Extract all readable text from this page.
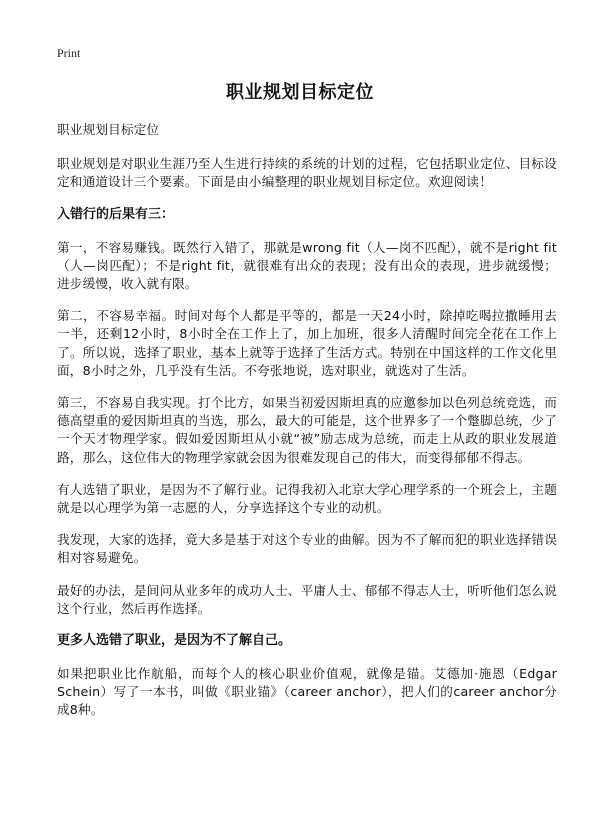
Print
职业规划目标定位

职业规划目标定位

职业规划是对职业生涯乃至人生进行持续的系统的计划的过程，它包括职业定位、目标设定和通道设计三个要素。下面是由小编整理的职业规划目标定位。欢迎阅读！

入错行的后果有三：

第一，不容易赚钱。既然行入错了，那就是wrong fit（人—岗不匹配），就不是right fit（人—岗匹配）；不是right fit，就很难有出众的表现；没有出众的表现，进步就缓慢；进步缓慢，收入就有限。

第二，不容易幸福。时间对每个人都是平等的，都是一天24小时，除掉吃喝拉撒睡用去一半，还剩12小时，8小时全在工作上了，加上加班，很多人清醒时间完全花在工作上了。所以说，选择了职业，基本上就等于选择了生活方式。特别在中国这样的工作文化里面，8小时之外，几乎没有生活。不夸张地说，选对职业，就选对了生活。

第三，不容易自我实现。打个比方，如果当初爱因斯坦真的应邀参加以色列总统竞选，而德高望重的爱因斯坦真的当选，那么，最大的可能是，这个世界多了一个蹩脚总统，少了一个天才物理学家。假如爱因斯坦从小就“被”励志成为总统，而走上从政的职业发展道路，那么，这位伟大的物理学家就会因为很难发现自己的伟大，而变得郁郁不得志。

有人选错了职业，是因为不了解行业。记得我初入北京大学心理学系的一个班会上，主题就是以心理学为第一志愿的人，分享选择这个专业的动机。

我发现，大家的选择，竟大多是基于对这个专业的曲解。因为不了解而犯的职业选择错误相对容易避免。

最好的办法，是间问从业多年的成功人士、平庸人士、郁郁不得志人士，听听他们怎么说这个行业，然后再作选择。

更多人选错了职业，是因为不了解自己。

如果把职业比作航船，而每个人的核心职业价值观，就像是锚。艾德加·施恩（Edgar Schein）写了一本书，叫做《职业锚》（career anchor），把人们的career anchor分成8种。
